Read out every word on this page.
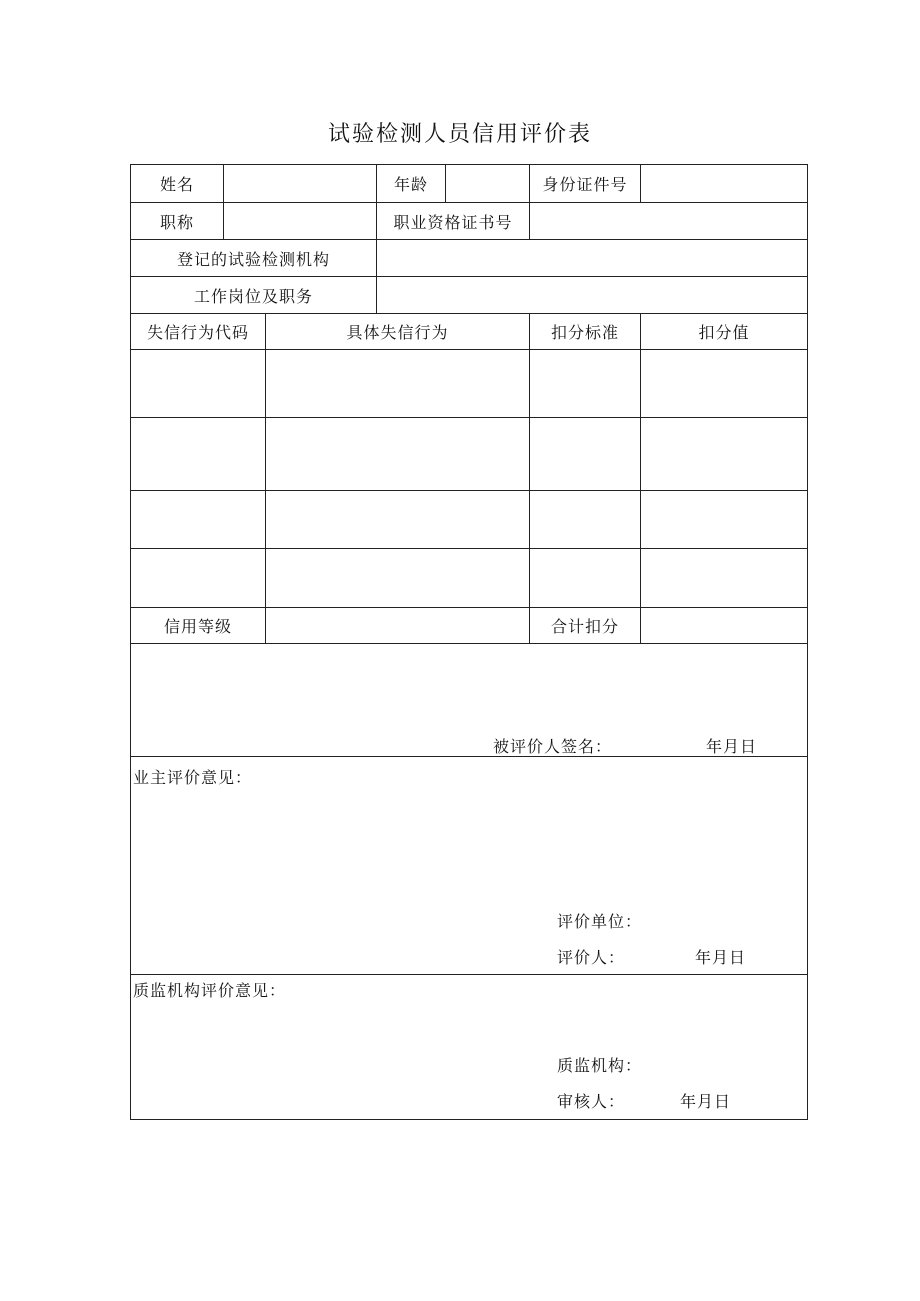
试验检测人员信用评价表
姓名	年龄	身份证件号
职称	职业资格证书号
登记的试验检测机构
工作岗位及职务
失信行为代码	具体失信行为	扣分标准	扣分值
信用等级	合计扣分
被评价人签名：	年月日
业主评价意见：
评价单位：
评价人：	年月日
质监机构评价意见：
质监机构：
审核人：	年月日
